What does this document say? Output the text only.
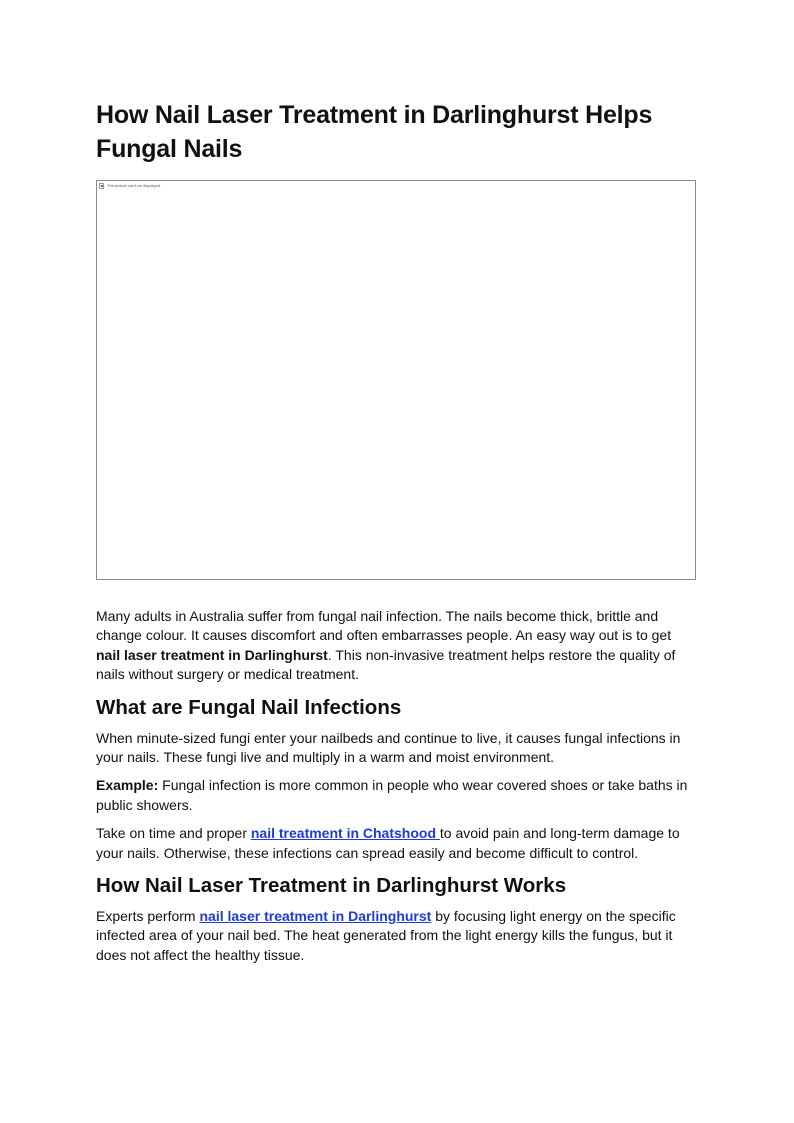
How Nail Laser Treatment in Darlinghurst Helps Fungal Nails
The picture can't be displayed.

Many adults in Australia suffer from fungal nail infection. The nails become thick, brittle and change colour. It causes discomfort and often embarrasses people. An easy way out is to get nail laser treatment in Darlinghurst. This non-invasive treatment helps restore the quality of nails without surgery or medical treatment.

What are Fungal Nail Infections

When minute-sized fungi enter your nailbeds and continue to live, it causes fungal infections in your nails. These fungi live and multiply in a warm and moist environment.

Example: Fungal infection is more common in people who wear covered shoes or take baths in public showers.

Take on time and proper nail treatment in Chatshood to avoid pain and long-term damage to your nails. Otherwise, these infections can spread easily and become difficult to control.

How Nail Laser Treatment in Darlinghurst Works

Experts perform nail laser treatment in Darlinghurst by focusing light energy on the specific infected area of your nail bed. The heat generated from the light energy kills the fungus, but it does not affect the healthy tissue.
